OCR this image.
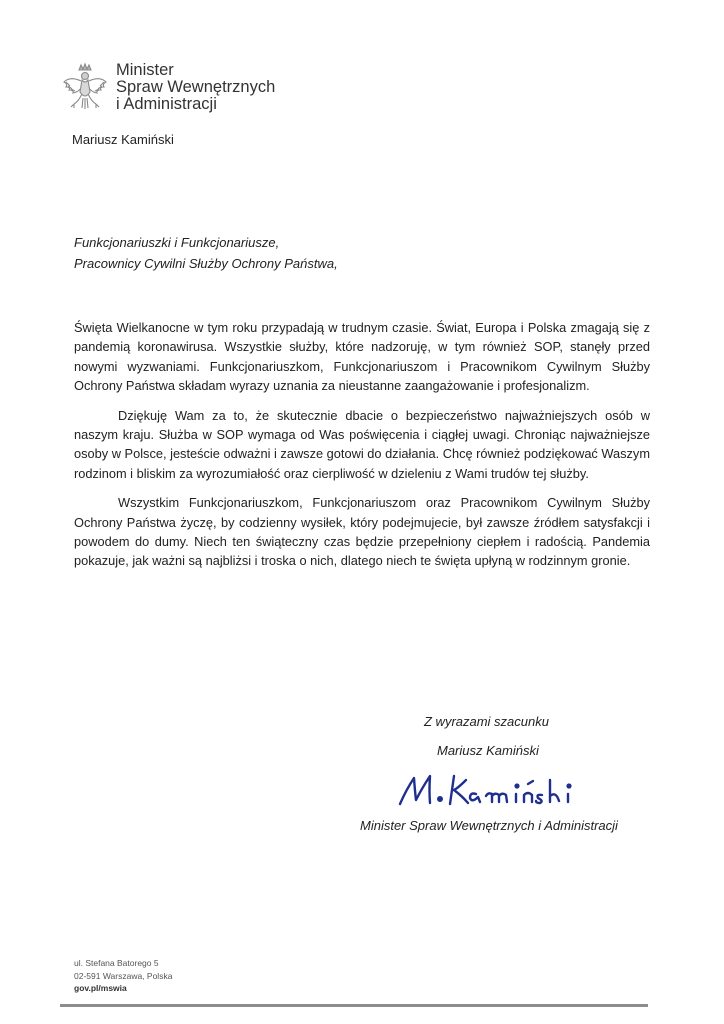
Minister
Spraw Wewnętrznych
i Administracji
Mariusz Kamiński
Funkcjonariuszki i Funkcjonariusze,
Pracownicy Cywilni Służby Ochrony Państwa,

Święta Wielkanocne w tym roku przypadają w trudnym czasie. Świat, Europa i Polska zmagają się z pandemią koronawirusa. Wszystkie służby, które nadzoruję, w tym również SOP, stanęły przed nowymi wyzwaniami. Funkcjonariuszkom, Funkcjonariuszom i Pracownikom Cywilnym Służby Ochrony Państwa składam wyrazy uznania za nieustanne zaangażowanie i profesjonalizm.

Dziękuję Wam za to, że skutecznie dbacie o bezpieczeństwo najważniejszych osób w naszym kraju. Służba w SOP wymaga od Was poświęcenia i ciągłej uwagi. Chroniąc najważniejsze osoby w Polsce, jesteście odważni i zawsze gotowi do działania. Chcę również podziękować Waszym rodzinom i bliskim za wyrozumiałość oraz cierpliwość w dzieleniu z Wami trudów tej służby.

Wszystkim Funkcjonariuszkom, Funkcjonariuszom oraz Pracownikom Cywilnym Służby Ochrony Państwa życzę, by codzienny wysiłek, który podejmujecie, był zawsze źródłem satysfakcji i powodem do dumy. Niech ten świąteczny czas będzie przepełniony ciepłem i radością. Pandemia pokazuje, jak ważni są najbliżsi i troska o nich, dlatego niech te święta upłyną w rodzinnym gronie.

Z wyrazami szacunku
Mariusz Kamiński
Minister Spraw Wewnętrznych i Administracji
ul. Stefana Batorego 5
02-591 Warszawa, Polska
gov.pl/mswia
